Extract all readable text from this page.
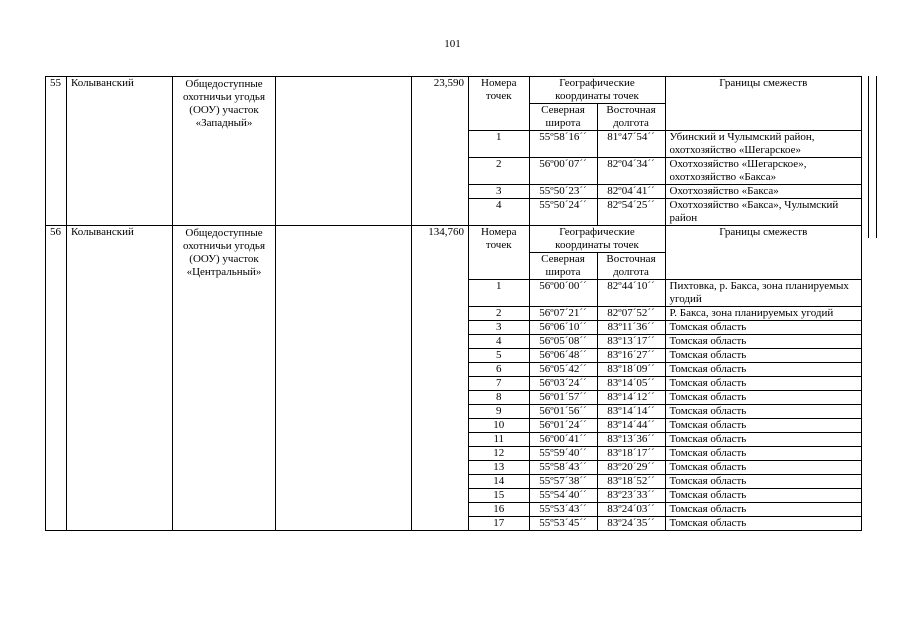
101
55	Колыванский	Общедоступные охотничьи угодья (ООУ) участок «Западный»		23,590	Номера точек	Географические координаты точек	Границы смежеств
Северная широта	Восточная долгота
1	55º58´16´´	81º47´54´´	Убинский и Чулымский район, охотхозяйство «Шегарское»
2	56º00´07´´	82º04´34´´	Охотхозяйство «Шегарское», охотхозяйство «Бакса»
3	55º50´23´´	82º04´41´´	Охотхозяйство «Бакса»
4	55º50´24´´	82º54´25´´	Охотхозяйство «Бакса», Чулымский район

56	Колыванский	Общедоступные охотничьи угодья (ООУ) участок «Центральный»		134,760	Номера точек	Географические координаты точек	Границы смежеств
Северная широта	Восточная долгота
1	56º00´00´´	82º44´10´´	Пихтовка, р. Бакса, зона планируемых угодий
2	56º07´21´´	82º07´52´´	Р. Бакса, зона планируемых угодий
3	56º06´10´´	83º11´36´´	Томская область
4	56º05´08´´	83º13´17´´	Томская область
5	56º06´48´´	83º16´27´´	Томская область
6	56º05´42´´	83º18´09´´	Томская область
7	56º03´24´´	83º14´05´´	Томская область
8	56º01´57´´	83º14´12´´	Томская область
9	56º01´56´´	83º14´14´´	Томская область
10	56º01´24´´	83º14´44´´	Томская область
11	56º00´41´´	83º13´36´´	Томская область
12	55º59´40´´	83º18´17´´	Томская область
13	55º58´43´´	83º20´29´´	Томская область
14	55º57´38´´	83º18´52´´	Томская область
15	55º54´40´´	83º23´33´´	Томская область
16	55º53´43´´	83º24´03´´	Томская область
17	55º53´45´´	83º24´35´´	Томская область
